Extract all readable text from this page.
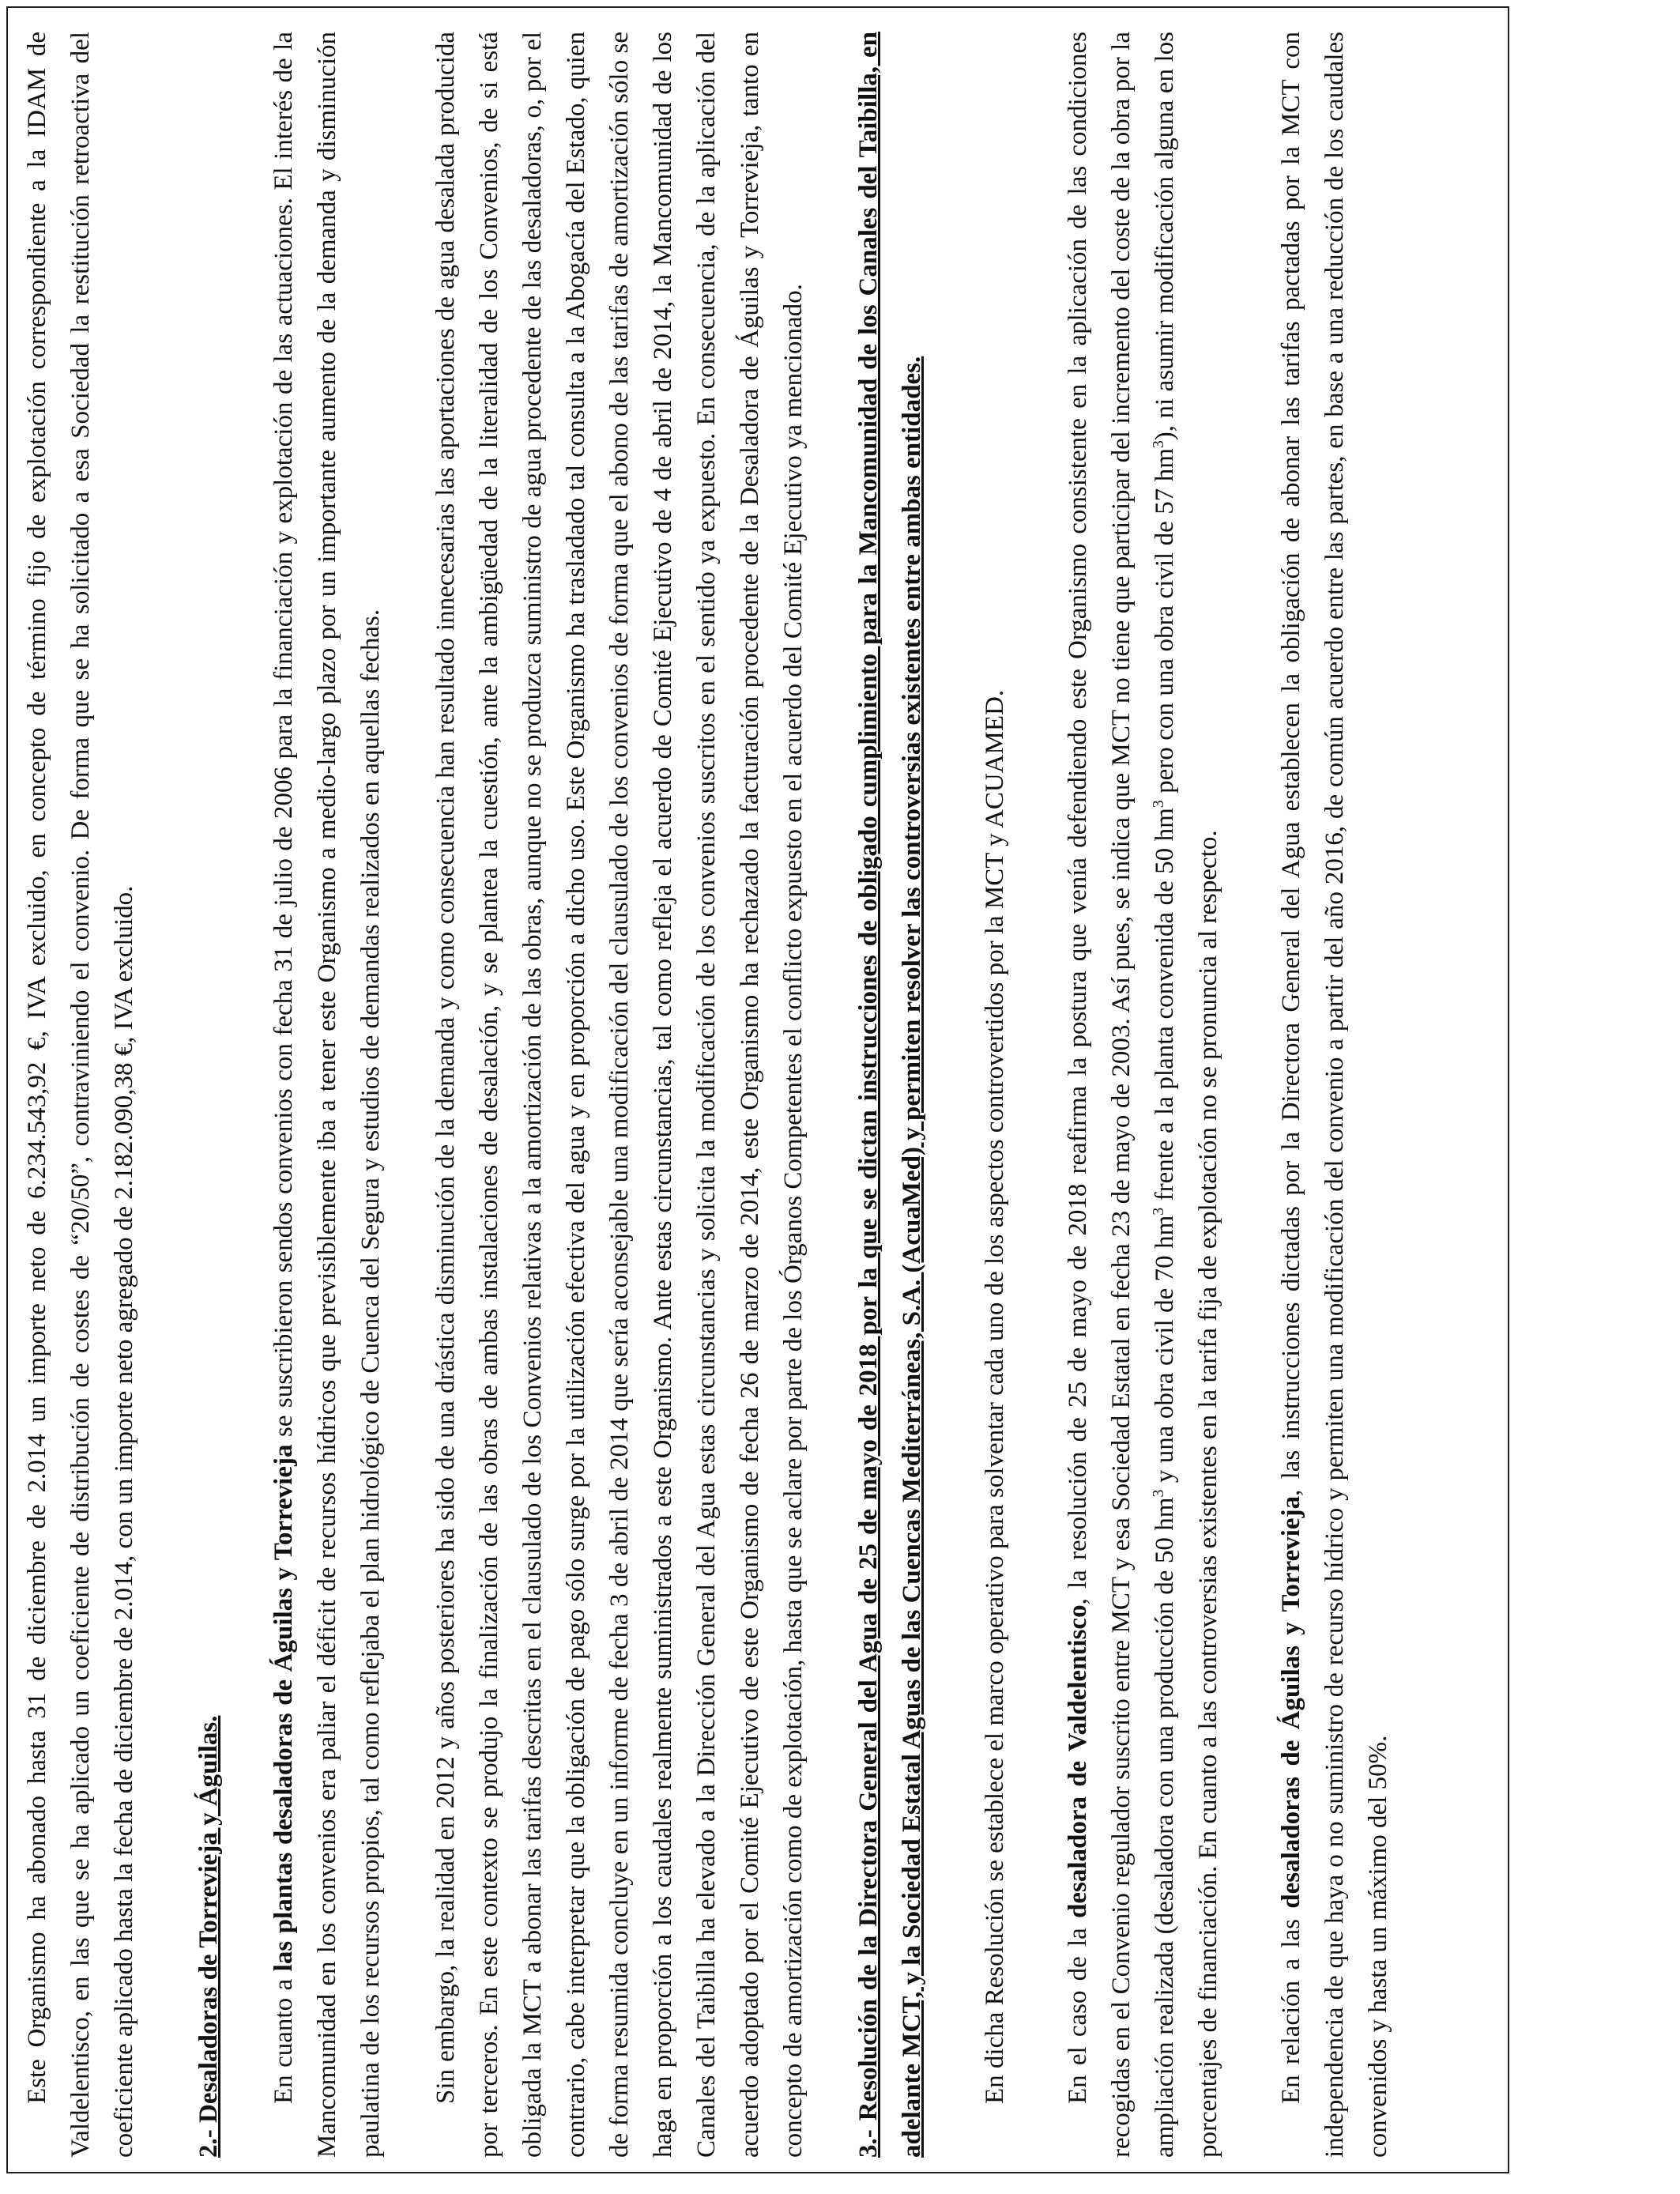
Este Organismo ha abonado hasta 31 de diciembre de 2.014 un importe neto de 6.234.543,92 €, IVA excluido, en concepto de término fijo de explotación correspondiente a la IDAM de Valdelentisco, en las que se ha aplicado un coeficiente de distribución de costes de “20/50”, contraviniendo el convenio. De forma que se ha solicitado a esa Sociedad la restitución retroactiva del coeficiente aplicado hasta la fecha de diciembre de 2.014, con un importe neto agregado de 2.182.090,38 €, IVA excluido.	2.- Desaladoras de Torrevieja y Águilas.	En cuanto a las plantas desaladoras de Águilas y Torrevieja se suscribieron sendos convenios con fecha 31 de julio de 2006 para la financiación y explotación de las actuaciones. El interés de la Mancomunidad en los convenios era paliar el déficit de recursos hídricos que previsiblemente iba a tener este Organismo a medio-largo plazo por un importante aumento de la demanda y disminución paulatina de los recursos propios, tal como reflejaba el plan hidrológico de Cuenca del Segura y estudios de demandas realizados en aquellas fechas.	Sin embargo, la realidad en 2012 y años posteriores ha sido de una drástica disminución de la demanda y como consecuencia han resultado innecesarias las aportaciones de agua desalada producida por terceros. En este contexto se produjo la finalización de las obras de ambas instalaciones de desalación, y se plantea la cuestión, ante la ambigüedad de la literalidad de los Convenios, de si está obligada la MCT a abonar las tarifas descritas en el clausulado de los Convenios relativas a la amortización de las obras, aunque no se produzca suministro de agua procedente de las desaladoras, o, por el contrario, cabe interpretar que la obligación de pago sólo surge por la utilización efectiva del agua y en proporción a dicho uso. Este Organismo ha trasladado tal consulta a la Abogacía del Estado, quien de forma resumida concluye en un informe de fecha 3 de abril de 2014 que sería aconsejable una modificación del clausulado de los convenios de forma que el abono de las tarifas de amortización sólo se haga en proporción a los caudales realmente suministrados a este Organismo. Ante estas circunstancias, tal como refleja el acuerdo de Comité Ejecutivo de 4 de abril de 2014, la Mancomunidad de los Canales del Taibilla ha elevado a la Dirección General del Agua estas circunstancias y solicita la modificación de los convenios suscritos en el sentido ya expuesto. En consecuencia, de la aplicación del acuerdo adoptado por el Comité Ejecutivo de este Organismo de fecha 26 de marzo de 2014, este Organismo ha rechazado la facturación procedente de la Desaladora de Águilas y Torrevieja, tanto en concepto de amortización como de explotación, hasta que se aclare por parte de los Órganos Competentes el conflicto expuesto en el acuerdo del Comité Ejecutivo ya mencionado.	3.- Resolución de la Directora General del Agua de 25 de mayo de 2018 por la que se dictan instrucciones de obligado cumplimiento para la Mancomunidad de los Canales del Taibilla, en adelante MCT, y la Sociedad Estatal Aguas de las Cuencas Mediterráneas, S.A. (AcuaMed) y permiten resolver las controversias existentes entre ambas entidades.	En dicha Resolución se establece el marco operativo para solventar cada uno de los aspectos controvertidos por la MCT y ACUAMED.	En el caso de la desaladora de Valdelentisco, la resolución de 25 de mayo de 2018 reafirma la postura que venía defendiendo este Organismo consistente en la aplicación de las condiciones recogidas en el Convenio regulador suscrito entre MCT y esa Sociedad Estatal en fecha 23 de mayo de 2003. Así pues, se indica que MCT no tiene que participar del incremento del coste de la obra por la ampliación realizada (desaladora con una producción de 50 $hm^3$ y una obra civil de 70 $hm^3$ frente a la planta convenida de 50 $hm^3$ pero con una obra civil de 57 $hm^3$), ni asumir modificación alguna en los porcentajes de financiación. En cuanto a las controversias existentes en la tarifa fija de explotación no se pronuncia al respecto.	En relación a las desaladoras de Águilas y Torrevieja, las instrucciones dictadas por la Directora General del Agua establecen la obligación de abonar las tarifas pactadas por la MCT con independencia de que haya o no suministro de recurso hídrico y permiten una modificación del convenio a partir del año 2016, de común acuerdo entre las partes, en base a una reducción de los caudales convenidos y hasta un máximo del 50%.
